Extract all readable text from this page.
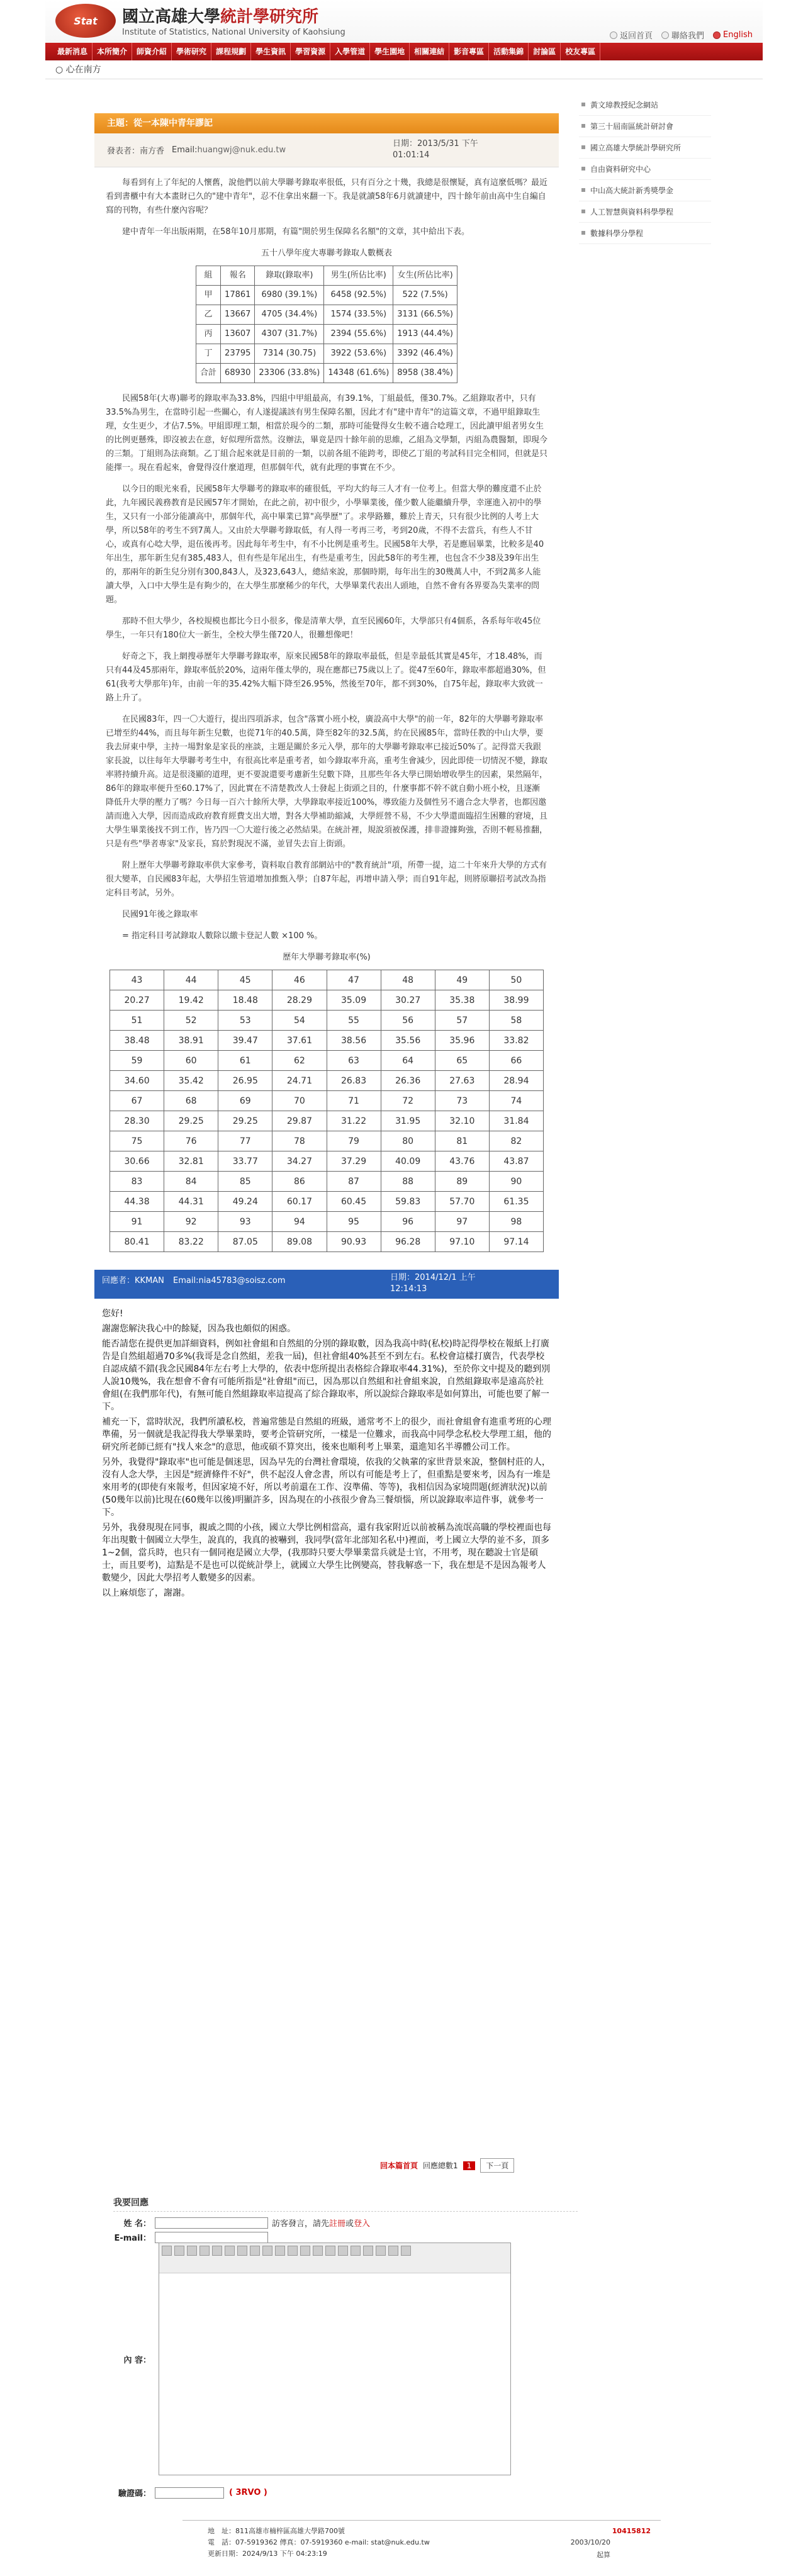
Stat	國立高雄大學統計學研究所
Institute of Statistics, National University of Kaohsiung	返回首頁 聯絡我們 English
最新消息	本所簡介	師資介紹	學術研究	課程規劃	學生資訊	學習資源	入學管道	學生園地	相關連結	影音專區	活動集錦	討論區	校友專區
○ 心在南方
主題：從一本陳中青年謬記
發表者： 南方香 Email: huangwj@nuk.edu.tw
日期：2013/5/31 下午 01:01:14

每看到有上了年紀的人懷舊，說他們以前大學聯考錄取率很低，只有百分之十幾，我總是很懷疑，真有這麼低嗎？最近看到書櫃中有大本畫財已久的"建中青年"，忍不住拿出來翻一下。我是就讀58年6月就讀建中，四十餘年前由高中生自編自寫的刊物，有些什麼內容呢？

建中青年一年出版兩期，在58年10月那期，有篇"開於男生保障名名額"的文章，其中給出下表。

五十八學年度大專聯考錄取人數概表
組	報名	錄取(錄取率)	男生(所佔比率)	女生(所佔比率)
甲	17861	6980 (39.1%)	6458 (92.5%)	522 (7.5%)
乙	13667	4705 (34.4%)	1574 (33.5%)	3131 (66.5%)
丙	13607	4307 (31.7%)	2394 (55.6%)	1913 (44.4%)
丁	23795	7314 (30.75)	3922 (53.6%)	3392 (46.4%)
合計	68930	23306 (33.8%)	14348 (61.6%)	8958 (38.4%)

民國58年(大專)聯考的錄取率為33.8%，四組中甲組最高，有39.1%，丁組最低，僅30.7%。乙組錄取者中，只有33.5%為男生，在當時引起一些關心，有人遂提議該有男生保障名額，因此才有"建中青年"的這篇文章，不過甲組錄取生理，女生更少，才佔7.5%。甲組即理工類，相當於現今的二類，那時可能覺得女生較不適合唸理工，因此讀甲組者男女生的比例更懸殊，即沒被去在意，好似理所當然。沒辦法，畢竟是四十餘年前的思維，乙組為文學類，丙組為農醫類，即現今的三類。丁組則為法商類。乙丁組合起來就是目前的一類，以前各組不能跨考，即使乙丁組的考試科目完全相同，但就是只能擇一。現在看起來，會覺得沒什麼道理，但那個年代，就有此理的事實在不少。

以今日的眼光來看，民國58年大學聯考的錄取率的確很低，平均大約每三人才有一位考上。但當大學的難度還不止於此，九年國民義務教育是民國57年才開始，在此之前，初中很少，小學畢業後，僅少數人能繼續升學，幸運進入初中的學生，又只有一小部分能讀高中，那個年代，高中畢業已算"高學歷"了。求學路難，難於上青天，只有很少比例的人考上大學，所以58年的考生不到7萬人。又由於大學聯考錄取低，有人得一考再三考，考到20歲，不得不去當兵，有些人不甘心，或真有心唸大學，退伍後再考。因此每年考生中，有不小比例是重考生。民國58年大學，若是應屆畢業，比較多是40年出生，那年新生兒有385,483人，但有些是年尾出生，有些是重考生，因此58年的考生裡，也包含不少38及39年出生的，那兩年的新生兒分別有300,843人，及323,643人，總結來說，那個時期，每年出生的30幾萬人中，不到2萬多人能讀大學，入口中大學生是有夠少的，在大學生那麼稀少的年代，大學畢業代表出人頭地，自然不會有各界要為失業率的問題。

那時不但大學少，各校規模也都比今日小很多，像是清華大學，直至民國60年，大學部只有4個系，各系每年收45位學生，一年只有180位大一新生，全校大學生僅720人，很難想像吧！

好奇之下，我上網搜尋歷年大學聯考錄取率，原來民國58年的錄取率最低，但是幸最低其實是45年，才18.48%，而只有44及45那兩年，錄取率低於20%，這兩年僅太學的，現在應都已75歲以上了。從47至60年，錄取率都超過30%，但61(我考大學那年)年，由前一年的35.42%大幅下降至26.95%，然後至70年，都不到30%，自75年起，錄取率大致就一路上升了。

在民國83年，四一〇大遊行，提出四項訴求，包含"落實小班小校，廣設高中大學"的前一年，82年的大學聯考錄取率已增至約44%，而且每年新生兒數，也從71年的40.5萬，降至82年的32.5萬，約在民國85年，當時任教的中山大學，要我去屏東中學，主持一場對象是家長的座談，主題是關於多元入學，那年的大學聯考錄取率已接近50%了。記得當天我跟家長說，以往每年大學聯考考生中，有很高比率是重考者，如今錄取率升高，重考生會減少，因此即使一切情況不變，錄取率將持續升高。這是很淺顯的道理，更不要說還要考慮新生兒數下降，且那些年各大學已開始增收學生的因素，果然隔年，86年的錄取率便升至60.17%了，因此實在不清楚教改人士發起上街頭之目的，什麼事都不幹不就自動小班小校，且逐漸降低升大學的壓力了嗎？今日每一百六十餘所大學，大學錄取率接近100%，導致能力及個性另不適合念大學者，也都因邀請而進入大學，因而造成政府教育經費支出大增，對各大學補助縮減，大學經營不易，不少大學還面臨招生困難的窘境，且大學生畢業後找不到工作，皆乃四一〇大遊行後之必然結果。在統計裡，規說須被保護，排非證據夠強，否則不輕易推翻，只是有些"學者專家"及家長，寫於對現況不滿，並冒失去盲上街頭。

附上歷年大學聯考錄取率供大家參考，資料取自教育部網站中的"教育統計"項，所帶一提，這二十年來升大學的方式有很大變革，自民國83年起，大學招生管道增加推甄入學；自87年起，再增申請入學；而自91年起，則將原聯招考試改為指定科目考試，另外。

民國91年後之錄取率

= 指定科目考試錄取人數除以繳卡登記人數 ×100 %。

歷年大學聯考錄取率(%)
43	44	45	46	47	48	49	50
20.27	19.42	18.48	28.29	35.09	30.27	35.38	38.99
51	52	53	54	55	56	57	58
38.48	38.91	39.47	37.61	38.56	35.56	35.96	33.82
59	60	61	62	63	64	65	66
34.60	35.42	26.95	24.71	26.83	26.36	27.63	28.94
67	68	69	70	71	72	73	74
28.30	29.25	29.25	29.87	31.22	31.95	32.10	31.84
75	76	77	78	79	80	81	82
30.66	32.81	33.77	34.27	37.29	40.09	43.76	43.87
83	84	85	86	87	88	89	90
44.38	44.31	49.24	60.17	60.45	59.83	57.70	61.35
91	92	93	94	95	96	97	98
80.41	83.22	87.05	89.08	90.93	96.28	97.10	97.14
回應者：KKMAN Email:nia45783@soisz.com	日期：2014/12/1 上午 12:14:13

您好!

謝謝您解決我心中的餘疑，因為我也頗似的困惑。

能否請您在提供更加詳細資料，例如社會組和自然組的分別的錄取數，因為我高中時(私校)時記得學校在報紙上打廣告是自然組超過70多%(我哥是念自然組，差我一屆)，但社會組40%甚至不到左右。私校會這樣打廣告，代表學校自認成績不錯(我念民國84年左右考上大學的，依表中您所提出表格綜合錄取率44.31%)，至於你文中提及的聽到別人說10幾%，我在想會不會有可能所指是"社會組"而已，因為那以自然組和社會組來說，自然組錄取率是遠高於社會組(在我們那年代)，有無可能自然組錄取率這提高了綜合錄取率，所以說綜合錄取率是如何算出，可能也要了解一下。

補充一下，當時狀況，我們所讀私校，普遍常態是自然組的班級，通常考不上的很少，而社會組會有進重考班的心理準備，另一個就是我記得我大學畢業時，要考企管研究所，一樣是一位難求，而我高中同學念私校大學理工組，他的研究所老師已經有"找人來念"的意思，他或碩不算突出，後來也順利考上畢業，還進知名半導體公司工作。

另外，我覺得"錄取率"也可能是個迷思，因為早先的台灣社會環境，依我的父執輩的家世背景來說，整個村莊的人，沒有人念大學，主因是"經濟條件不好"，供不起沒人會念書，所以有可能是考上了，但重點是要來考，因為有一堆是來用考的(即使有來報考，但因家境不好，所以考前還在工作、沒準備、等等)，我相信因為家境問題(經濟狀況)以前(50幾年以前)比現在(60幾年以後)明顯許多，因為現在的小孩很少會為三餐煩惱，所以說錄取率這件事，就參考一下。

另外，我發現現在同事，親戚之間的小孩，國立大學比例相當高，還有我家附近以前被稱為流氓高職的學校裡面也每年出現數十個國立大學生，說真的，我真的被嚇到，我同學(當年北部知名私中)裡面，考上國立大學的並不多，頂多1~2個，當兵時，也只有一個同袍是國立大學，(我那時只要大學畢業當兵就是士官，不用考，現在聽說士官是碩士，而且要考)，這點是不是也可以從統計學上，就國立大學生比例變高，替我解惑一下，我在想是不是因為報考人數變少，因此大學招考人數變多的因素。

以上麻煩您了，謝謝。

黃文璋教授紀念網站
第三十屆南區統計研討會
國立高雄大學統計學研究所
自由資料研究中心
中山高大統計新秀獎學金
人工智慧與資料科學學程
數據科學分學程
回本篇首頁 回應總數1	1	下一頁
我要回應
姓 名：	訪客發言，請先註冊或登入
E-mail：
內 容：
驗證碼：	( 3RVO )
地　址：811高雄市楠梓區高雄大學路700號
電　話：07-5919362 傳真：07-5919360 e-mail: stat@nuk.edu.tw
更新日期：2024/9/13 下午 04:23:19
10415812
2003/10/20
起算
